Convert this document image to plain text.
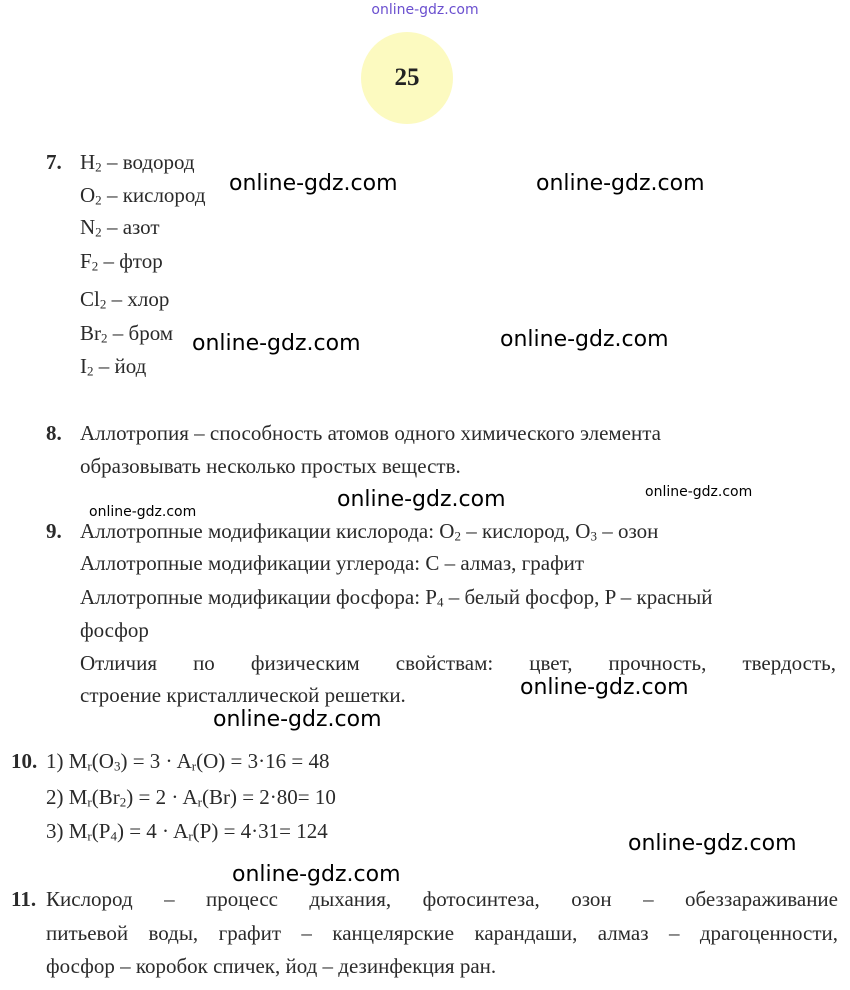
online-gdz.com
25
7. $H_2$ – водород
$O_2$ – кислород
$N_2$ – азот
$F_2$ – фтор
$Cl_2$ – хлор
$Br_2$ – бром
$I_2$ – йод
8. Аллотропия – способность атомов одного химического элемента
образовывать несколько простых веществ.
9. Аллотропные модификации кислорода: $O_2$ – кислород, $O_3$ – озон
Аллотропные модификации углерода: С – алмаз, графит
Аллотропные модификации фосфора: $P_4$ – белый фосфор, P – красный
фосфор
Отличия по физическим свойствам: цвет, прочность, твердость,
строение кристаллической решетки.
10. 1) $M_r(O_3) = 3 \cdot A_r(O) = 3\cdot 16 = 48$
2) $M_r(Br_2) = 2 \cdot A_r(Br) = 2\cdot 80= 10$
3) $M_r(P_4) = 4 \cdot A_r(P) = 4\cdot 31= 124$
11. Кислород – процесс дыхания, фотосинтеза, озон – обеззараживание
питьевой воды, графит – канцелярские карандаши, алмаз – драгоценности,
фосфор – коробок спичек, йод – дезинфекция ран.
online-gdz.com	online-gdz.com
online-gdz.com	online-gdz.com
online-gdz.com	online-gdz.com	online-gdz.com
online-gdz.com
online-gdz.com
online-gdz.com
online-gdz.com
